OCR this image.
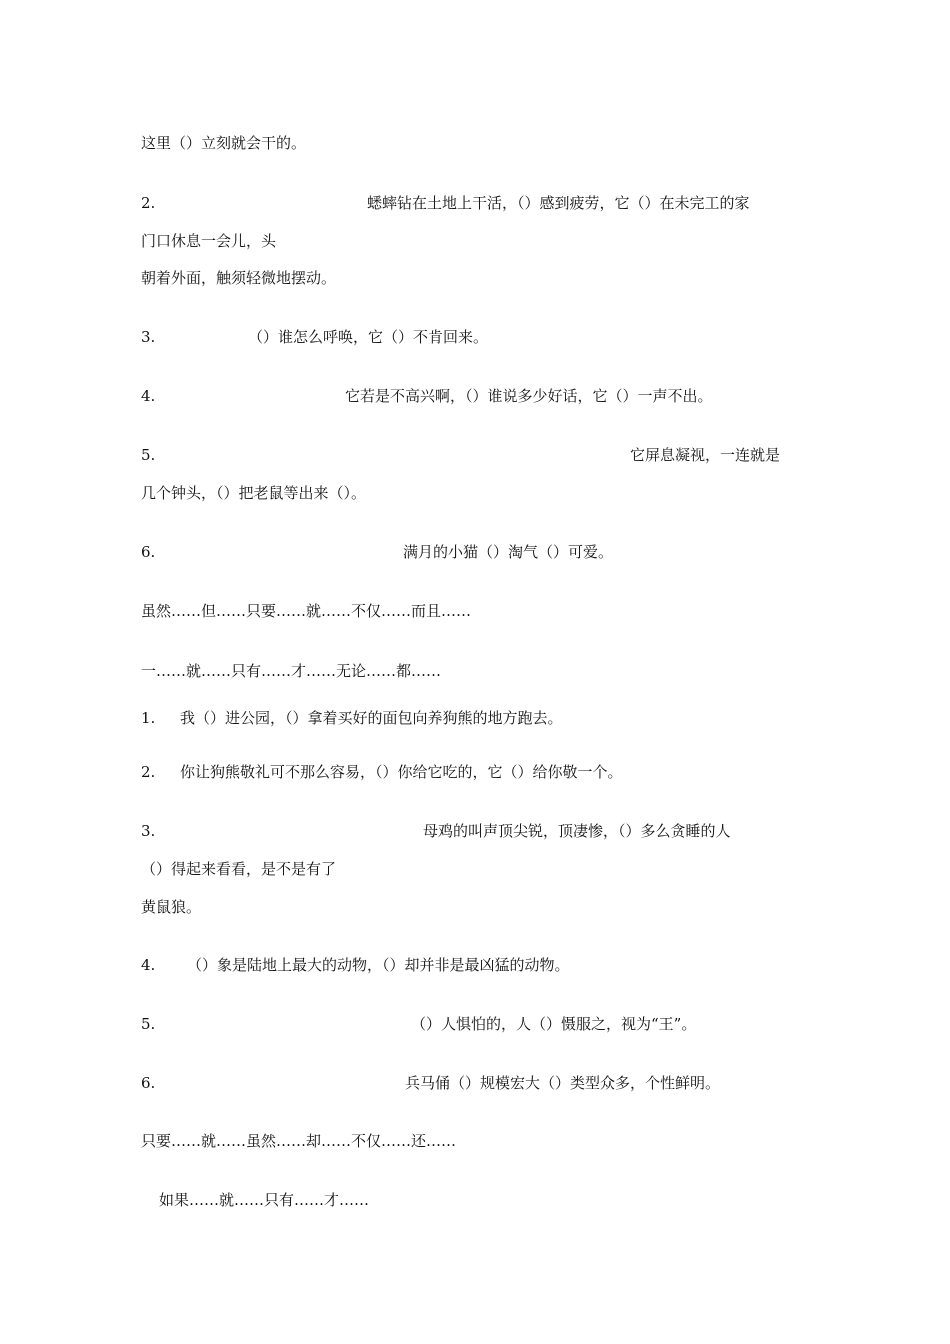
这里（）立刻就会干的。
2.	蟋蟀钻在土地上干活，（）感到疲劳，它（）在未完工的家
门口休息一会儿，头
朝着外面，触须轻微地摆动。
3.	（）谁怎么呼唤，它（）不肯回来。
4.	它若是不高兴啊，（）谁说多少好话，它（）一声不出。
5.	它屏息凝视，一连就是
几个钟头，（）把老鼠等出来（）。
6.	满月的小猫（）淘气（）可爱。
虽然……但……只要……就……不仅……而且……
一……就……只有……才……无论……都……
1. 我（）进公园，（）拿着买好的面包向养狗熊的地方跑去。
2. 你让狗熊敬礼可不那么容易，（）你给它吃的，它（）给你敬一个。
3.	母鸡的叫声顶尖锐，顶凄惨，（）多么贪睡的人
（）得起来看看，是不是有了
黄鼠狼。
4. （）象是陆地上最大的动物，（）却并非是最凶猛的动物。
5.	（）人惧怕的，人（）慑服之，视为“王”。
6.	兵马俑（）规模宏大（）类型众多，个性鲜明。
只要……就……虽然……却……不仅……还……
如果……就……只有……才……
